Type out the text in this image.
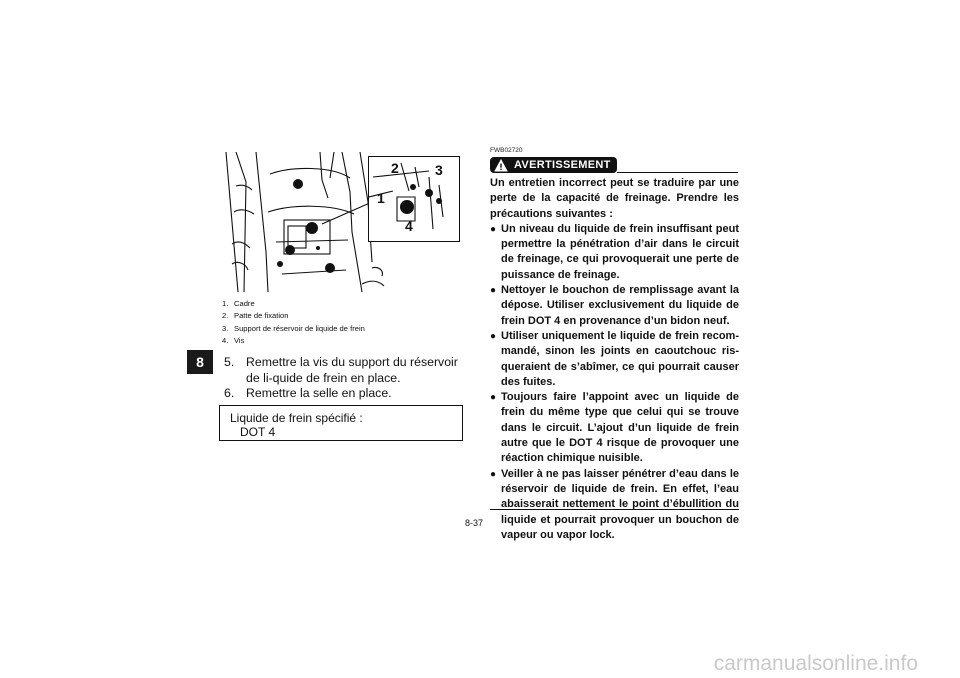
8
1
2	3
4
1. Cadre
2. Patte de fixation
3. Support de réservoir de liquide de frein
4. Vis
5. Remettre la vis du support du réservoir de li-quide de frein en place.
6. Remettre la selle en place.
Liquide de frein spécifié :
DOT 4
FWB02720
AVERTISSEMENT

Un entretien incorrect peut se traduire par une perte de la capacité de freinage. Prendre les précautions suivantes :

● Un niveau du liquide de frein insuffisant peut permettre la pénétration d’air dans le circuit de freinage, ce qui provoquerait une perte de puissance de freinage.
● Nettoyer le bouchon de remplissage avant la dépose. Utiliser exclusivement du liquide de frein DOT 4 en provenance d’un bidon neuf.
● Utiliser uniquement le liquide de frein recom-mandé, sinon les joints en caoutchouc ris-queraient de s’abîmer, ce qui pourrait causer des fuites.
● Toujours faire l’appoint avec un liquide de frein du même type que celui qui se trouve dans le circuit. L’ajout d’un liquide de frein autre que le DOT 4 risque de provoquer une réaction chimique nuisible.
● Veiller à ne pas laisser pénétrer d’eau dans le réservoir de liquide de frein. En effet, l’eau abaisserait nettement le point d’ébullition du liquide et pourrait provoquer un bouchon de vapeur ou vapor lock.
8-37
carmanualsonline.info
